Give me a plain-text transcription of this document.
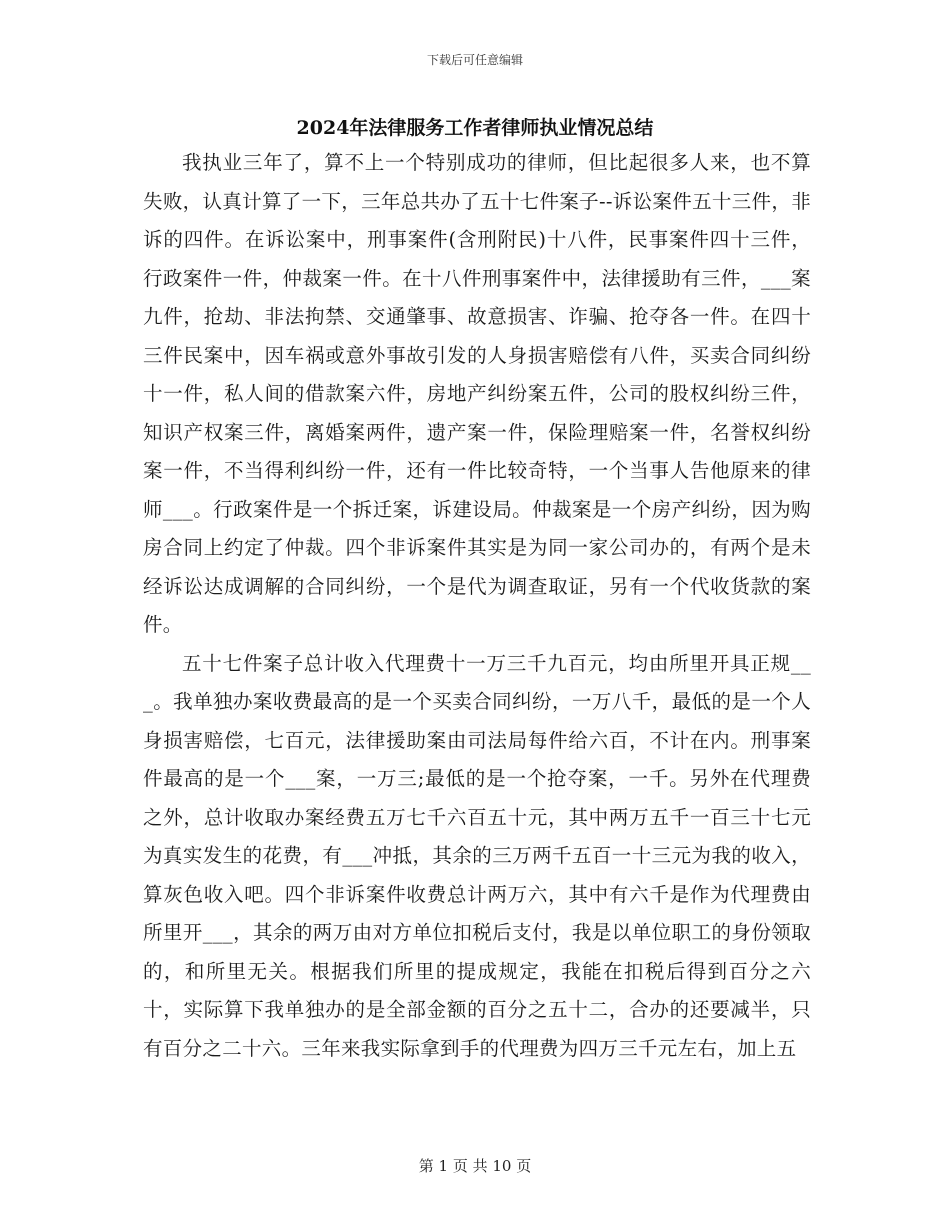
下载后可任意编辑
2024年法律服务工作者律师执业情况总结

我执业三年了，算不上一个特别成功的律师，但比起很多人来，也不算失败，认真计算了一下，三年总共办了五十七件案子--诉讼案件五十三件，非诉的四件。在诉讼案中，刑事案件(含刑附民)十八件，民事案件四十三件，行政案件一件，仲裁案一件。在十八件刑事案件中，法律援助有三件，___案九件，抢劫、非法拘禁、交通肇事、故意损害、诈骗、抢夺各一件。在四十三件民案中，因车祸或意外事故引发的人身损害赔偿有八件，买卖合同纠纷十一件，私人间的借款案六件，房地产纠纷案五件，公司的股权纠纷三件，知识产权案三件，离婚案两件，遗产案一件，保险理赔案一件，名誉权纠纷案一件，不当得利纠纷一件，还有一件比较奇特，一个当事人告他原来的律师___。行政案件是一个拆迁案，诉建设局。仲裁案是一个房产纠纷，因为购房合同上约定了仲裁。四个非诉案件其实是为同一家公司办的，有两个是未经诉讼达成调解的合同纠纷，一个是代为调查取证，另有一个代收货款的案件。

五十七件案子总计收入代理费十一万三千九百元，均由所里开具正规___。我单独办案收费最高的是一个买卖合同纠纷，一万八千，最低的是一个人身损害赔偿，七百元，法律援助案由司法局每件给六百，不计在内。刑事案件最高的是一个___案，一万三;最低的是一个抢夺案，一千。另外在代理费之外，总计收取办案经费五万七千六百五十元，其中两万五千一百三十七元为真实发生的花费，有___冲抵，其余的三万两千五百一十三元为我的收入，算灰色收入吧。四个非诉案件收费总计两万六，其中有六千是作为代理费由所里开___，其余的两万由对方单位扣税后支付，我是以单位职工的身份领取的，和所里无关。根据我们所里的提成规定，我能在扣税后得到百分之六十，实际算下我单独办的是全部金额的百分之五十二，合办的还要减半，只有百分之二十六。三年来我实际拿到手的代理费为四万三千元左右，加上五

第 1 页 共 10 页
